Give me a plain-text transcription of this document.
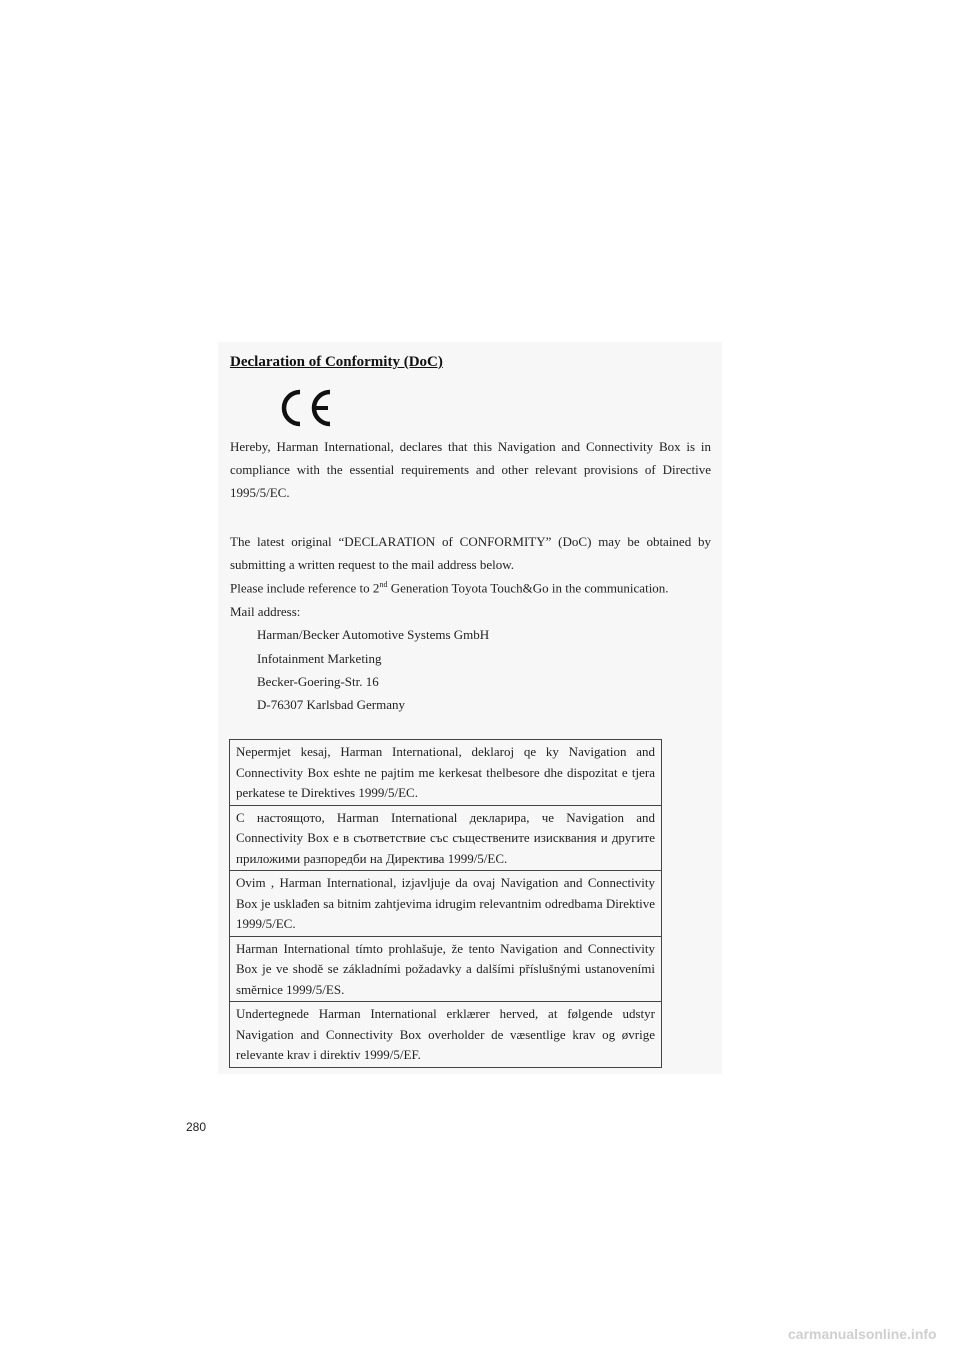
Declaration of Conformity (DoC)
Hereby, Harman International, declares that this Navigation and Connectivity Box is in compliance with the essential requirements and other relevant provisions of Directive 1995/5/EC.
The latest original “DECLARATION of CONFORMITY” (DoC) may be obtained by submitting a written request to the mail address below.
Please include reference to 2nd Generation Toyota Touch&Go in the communication.
Mail address:
Harman/Becker Automotive Systems GmbH
Infotainment Marketing
Becker-Goering-Str. 16
D-76307 Karlsbad Germany
Nepermjet kesaj, Harman International, deklaroj qe ky Navigation and Connectivity Box eshte ne pajtim me kerkesat thelbesore dhe dispozitat e tjera perkatese te Direktives 1999/5/EC.
С настоящото, Harman International декларира, че Navigation and Connectivity Box е в съответствие със съществените изисквания и другите приложими разпоредби на Директива 1999/5/EC.
Ovim , Harman International, izjavljuje da ovaj Navigation and Connectivity Box je usklađen sa bitnim zahtjevima idrugim relevantnim odredbama Direktive 1999/5/EC.
Harman International tímto prohlašuje, že tento Navigation and Connectivity Box je ve shodě se základními požadavky a dalšími příslušnými ustanoveními směrnice 1999/5/ES.
Undertegnede Harman International erklærer herved, at følgende udstyr Navigation and Connectivity Box overholder de væsentlige krav og øvrige relevante krav i direktiv 1999/5/EF.
280
carmanualsonline.info
